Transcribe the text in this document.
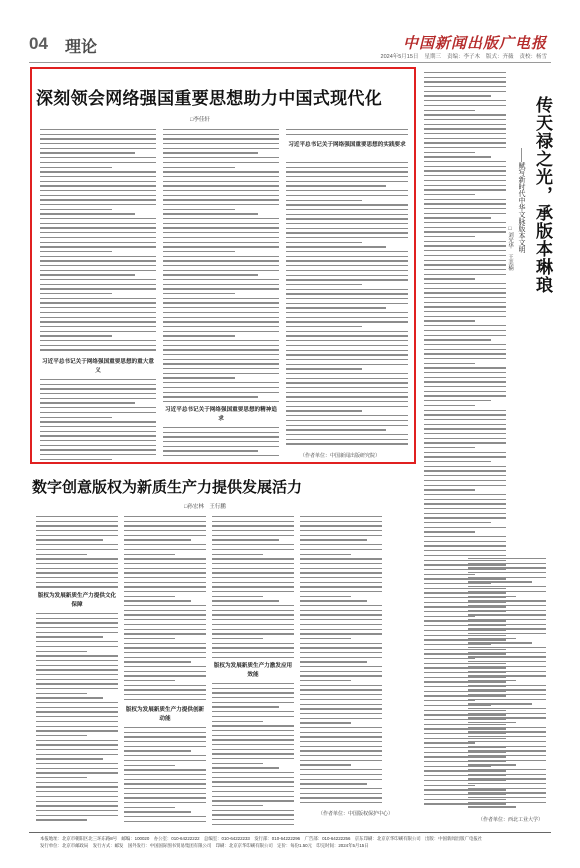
04 理论	中国新闻出版广电报
2024年5月15日 星期三 责编：李子木 版式：齐薇 责校：杨雪
深刻领会网络强国重要思想助力中国式现代化
□李佳轩
习近平总书记关于网络强国重要思想的重大意义
习近平总书记关于网络强国重要思想的精神追求
习近平总书记关于网络强国重要思想的实践要求
（作者单位：中国新闻出版研究院）
数字创意版权为新质生产力提供发展活力
□孙宏林　王行鹏
版权为发展新质生产力提供文化保障
版权为发展新质生产力提供创新动能
版权为发展新质生产力激发应用效能
（作者单位：中国版权保护中心）
传天禄之光，承版本琳琅
——赋写新时代中华文脉版本文明
□刘光华　王美楠
（作者单位：西北工业大学）
本报地址：北京市朝阳区北三环东路8号　邮编：100020　办公室：010-64222222　总编室：010-64222233　发行部：010-64222296　广告部：010-64222256　京东印刷：北京京华印刷有限公司　出版：中国新闻出版广电报社
发行单位：北京市邮政局　发行方式：邮发　国外发行：中国国际图书贸易集团有限公司　印刷：北京京华印刷有限公司　定价：每份1.50元　印完时间：2024年5月15日
